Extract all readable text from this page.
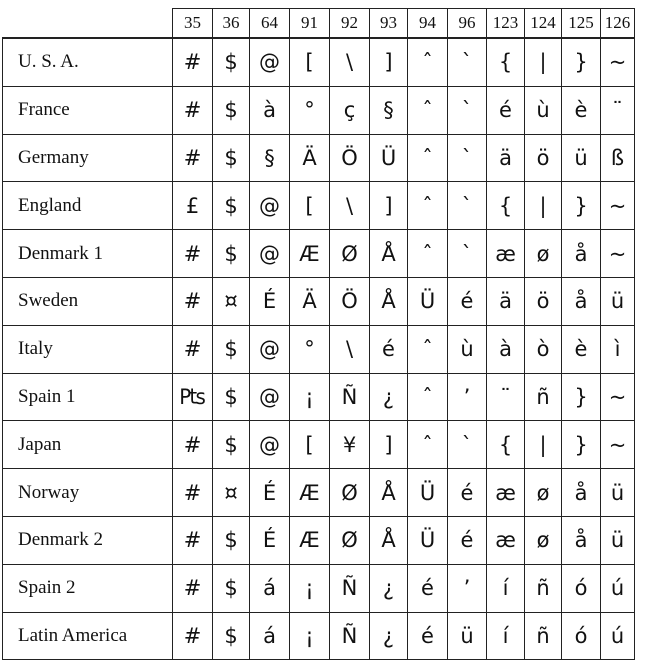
	35	36	64	91	92	93	94	96	123	124	125	126
U. S. A.	#	$	@	[	\	]	ˆ	`	{	|	}	~
France	#	$	à	°	ç	§	ˆ	`	é	ù	è	¨
Germany	#	$	§	Ä	Ö	Ü	ˆ	`	ä	ö	ü	ß
England	£	$	@	[	\	]	ˆ	`	{	|	}	~
Denmark 1	#	$	@	Æ	Ø	Å	ˆ	`	æ	ø	å	~
Sweden	#	¤	É	Ä	Ö	Å	Ü	é	ä	ö	å	ü
Italy	#	$	@	°	\	é	ˆ	ù	à	ò	è	ì
Spain 1	₧	$	@	¡	Ñ	¿	ˆ	’	¨	ñ	}	~
Japan	#	$	@	[	¥	]	ˆ	`	{	|	}	~
Norway	#	¤	É	Æ	Ø	Å	Ü	é	æ	ø	å	ü
Denmark 2	#	$	É	Æ	Ø	Å	Ü	é	æ	ø	å	ü
Spain 2	#	$	á	¡	Ñ	¿	é	’	í	ñ	ó	ú
Latin America	#	$	á	¡	Ñ	¿	é	ü	í	ñ	ó	ú
